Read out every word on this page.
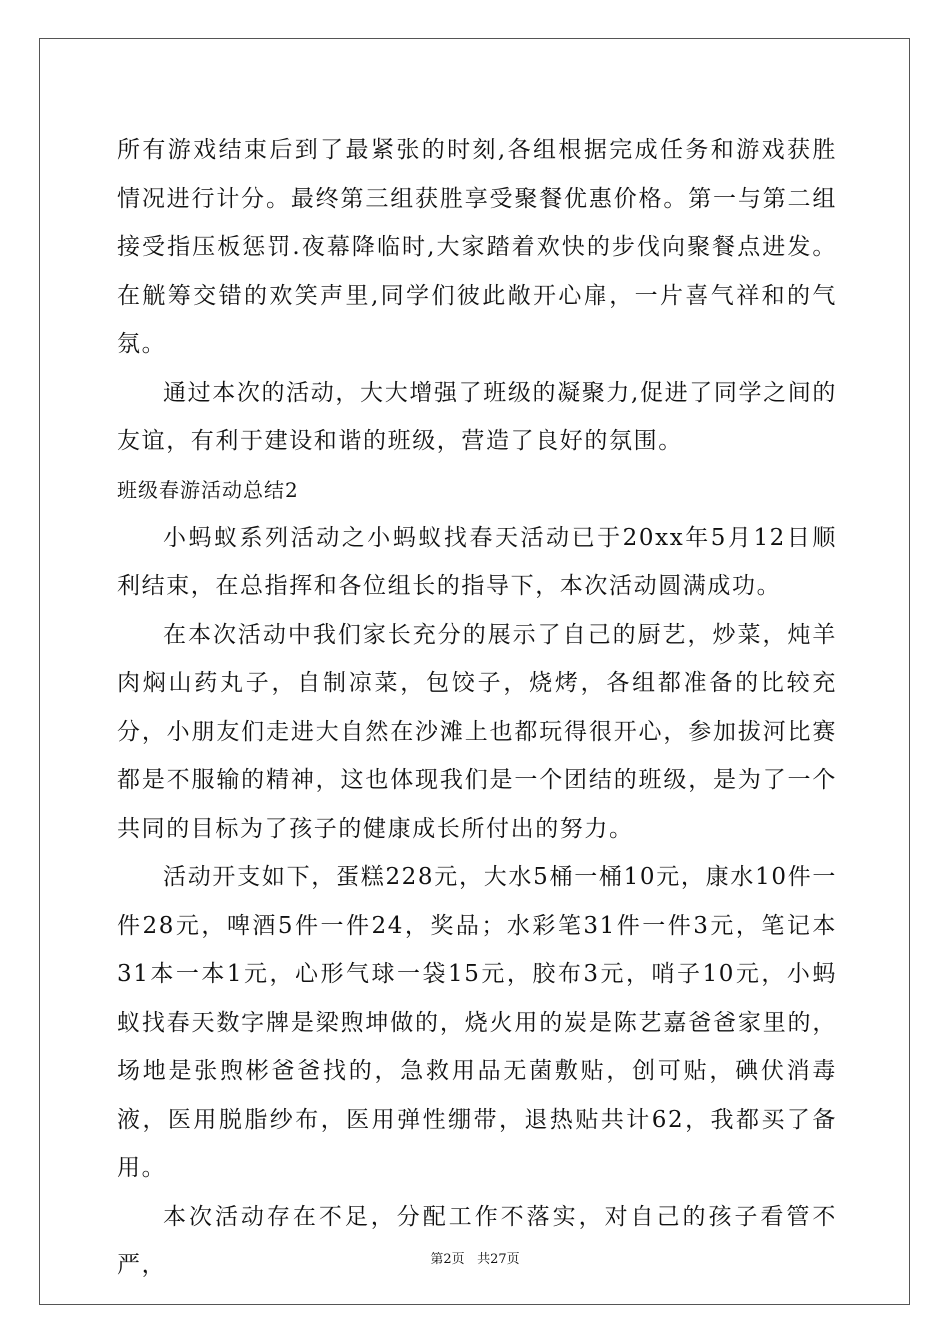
所有游戏结束后到了最紧张的时刻,各组根据完成任务和游戏获胜情况进行计分。最终第三组获胜享受聚餐优惠价格。第一与第二组接受指压板惩罚.夜幕降临时,大家踏着欢快的步伐向聚餐点进发。在觥筹交错的欢笑声里,同学们彼此敞开心扉，一片喜气祥和的气氛。

通过本次的活动，大大增强了班级的凝聚力,促进了同学之间的友谊，有利于建设和谐的班级，营造了良好的氛围。

班级春游活动总结2

小蚂蚁系列活动之小蚂蚁找春天活动已于20xx年5月12日顺利结束，在总指挥和各位组长的指导下，本次活动圆满成功。

在本次活动中我们家长充分的展示了自己的厨艺，炒菜，炖羊肉焖山药丸子，自制凉菜，包饺子，烧烤，各组都准备的比较充分，小朋友们走进大自然在沙滩上也都玩得很开心，参加拔河比赛都是不服输的精神，这也体现我们是一个团结的班级，是为了一个共同的目标为了孩子的健康成长所付出的努力。

活动开支如下，蛋糕228元，大水5桶一桶10元，康水10件一件28元，啤酒5件一件24，奖品；水彩笔31件一件3元，笔记本31本一本1元，心形气球一袋15元，胶布3元，哨子10元，小蚂蚁找春天数字牌是梁煦坤做的，烧火用的炭是陈艺嘉爸爸家里的，场地是张煦彬爸爸找的，急救用品无菌敷贴，创可贴，碘伏消毒液，医用脱脂纱布，医用弹性绷带，退热贴共计62，我都买了备用。

本次活动存在不足，分配工作不落实，对自己的孩子看管不严，	第2页 共27页
